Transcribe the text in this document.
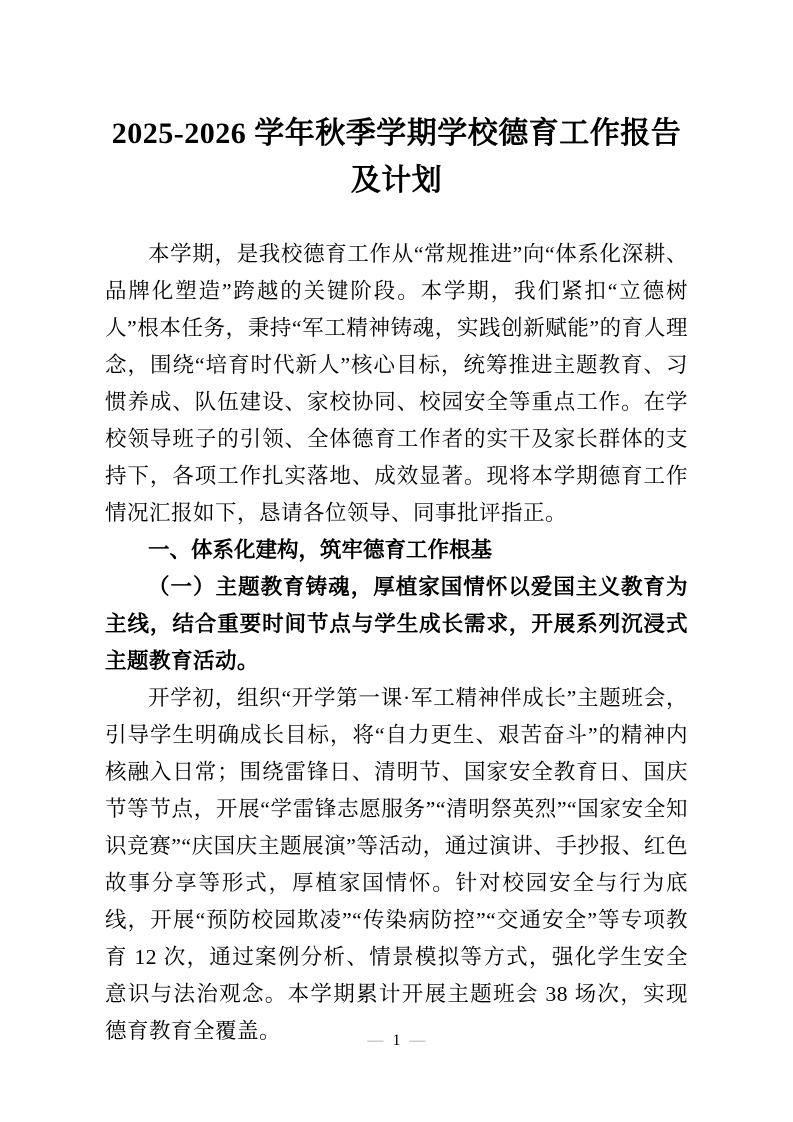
2025-2026 学年秋季学期学校德育工作报告及计划

本学期，是我校德育工作从“常规推进”向“体系化深耕、品牌化塑造”跨越的关键阶段。本学期，我们紧扣“立德树人”根本任务，秉持“军工精神铸魂，实践创新赋能”的育人理念，围绕“培育时代新人”核心目标，统筹推进主题教育、习惯养成、队伍建设、家校协同、校园安全等重点工作。在学校领导班子的引领、全体德育工作者的实干及家长群体的支持下，各项工作扎实落地、成效显著。现将本学期德育工作情况汇报如下，恳请各位领导、同事批评指正。

一、体系化建构，筑牢德育工作根基

（一）主题教育铸魂，厚植家国情怀以爱国主义教育为主线，结合重要时间节点与学生成长需求，开展系列沉浸式主题教育活动。

开学初，组织“开学第一课·军工精神伴成长”主题班会，引导学生明确成长目标，将“自力更生、艰苦奋斗”的精神内核融入日常；围绕雷锋日、清明节、国家安全教育日、国庆节等节点，开展“学雷锋志愿服务”“清明祭英烈”“国家安全知识竞赛”“庆国庆主题展演”等活动，通过演讲、手抄报、红色故事分享等形式，厚植家国情怀。针对校园安全与行为底线，开展“预防校园欺凌”“传染病防控”“交通安全”等专项教育 12 次，通过案例分析、情景模拟等方式，强化学生安全意识与法治观念。本学期累计开展主题班会 38 场次，实现德育教育全覆盖。	— 1 —
